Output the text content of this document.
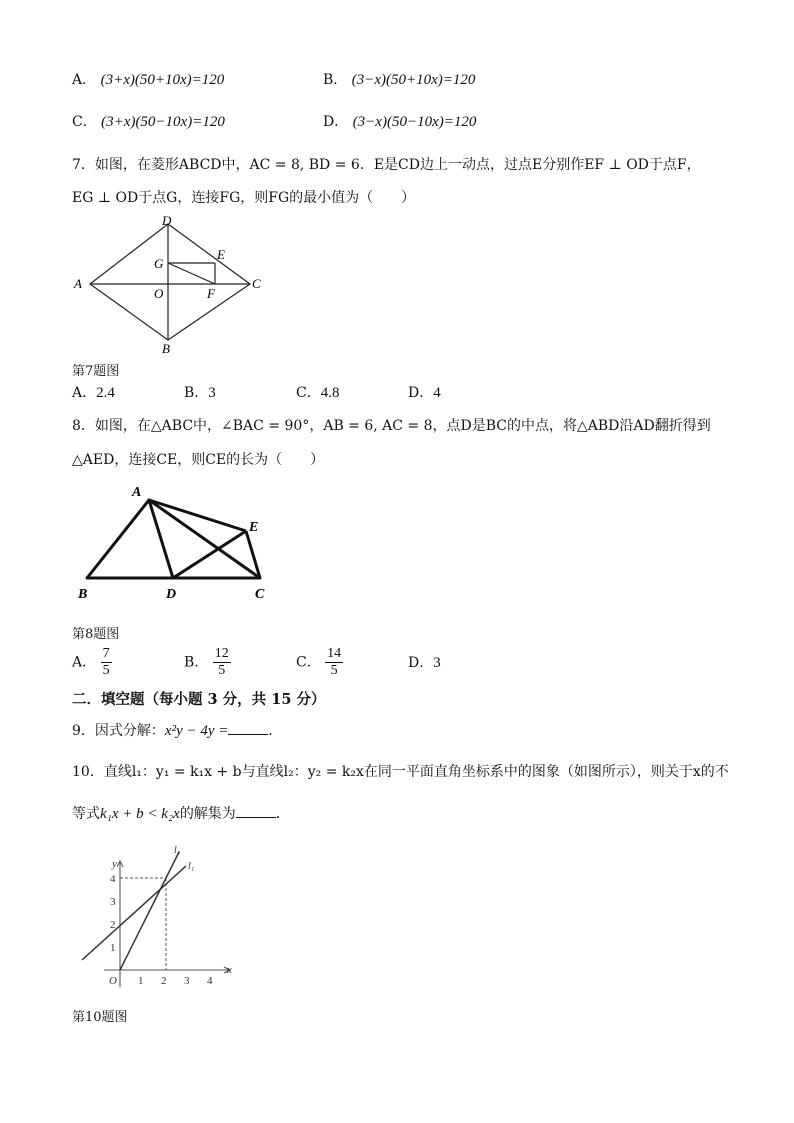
A． (3+x)(50+10x)=120	B． (3−x)(50+10x)=120
C． (3+x)(50−10x)=120	D． (3−x)(50−10x)=120
7．如图，在菱形ABCD中，AC = 8, BD = 6．E是CD边上一动点，过点E分别作EF ⊥ OD于点F，
EG ⊥ OD于点G，连接FG，则FG的最小值为（　　）
D
A	C
B
G
E
O	F
第7题图
A．2.4	B．3	C．4.8	D．4
8．如图，在△ABC中，∠BAC = 90°，AB = 6, AC = 8，点D是BC的中点，将△ABD沿AD翻折得到
△AED，连接CE，则CE的长为（　　）
A
E
B	D	C
第8题图
A． $\frac{7}{5}$	B． $\frac{12}{5}$	C． $\frac{14}{5}$	D．3
二．填空题（每小题 3 分，共 15 分）
9．因式分解：x²y − 4y =	．
10．直线l₁：y₁ = k₁x + b与直线l₂：y₂ = k₂x在同一平面直角坐标系中的图象（如图所示），则关于x的不
等式k₁x + b < k₂x的解集为	．
1 2 3 4
1
2
3
4
O
x
y
l₂
l₁
第10题图
